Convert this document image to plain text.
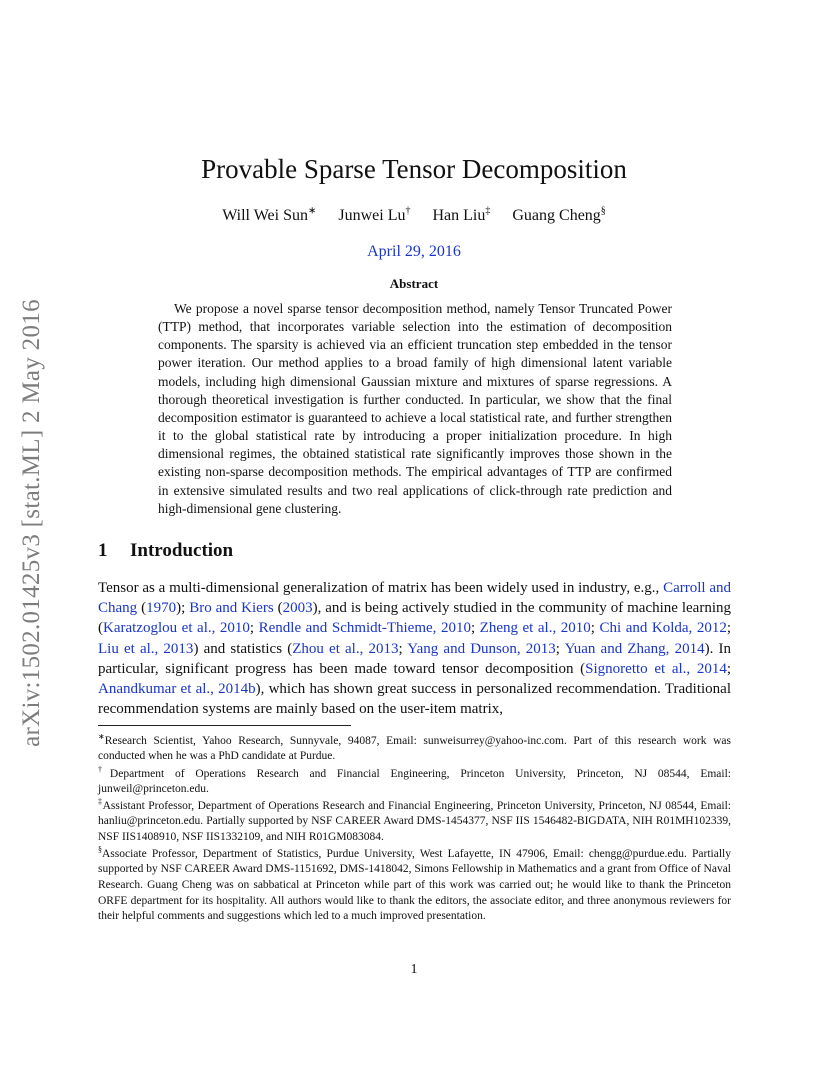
arXiv:1502.01425v3 [stat.ML] 2 May 2016
Provable Sparse Tensor Decomposition
Will Wei Sun∗ Junwei Lu† Han Liu‡ Guang Cheng§
April 29, 2016
Abstract
We propose a novel sparse tensor decomposition method, namely Tensor Truncated Power (TTP) method, that incorporates variable selection into the estimation of decomposition components. The sparsity is achieved via an efficient truncation step embedded in the tensor power iteration. Our method applies to a broad family of high dimensional latent variable models, including high dimensional Gaussian mixture and mixtures of sparse regressions. A thorough theoretical investigation is further conducted. In particular, we show that the final decomposition estimator is guaranteed to achieve a local statistical rate, and further strengthen it to the global statistical rate by introducing a proper initialization procedure. In high dimensional regimes, the obtained statistical rate significantly improves those shown in the existing non-sparse decomposition methods. The empirical advantages of TTP are confirmed in extensive simulated results and two real applications of click-through rate prediction and high-dimensional gene clustering.
1 Introduction
Tensor as a multi-dimensional generalization of matrix has been widely used in industry, e.g., Carroll and Chang (1970); Bro and Kiers (2003), and is being actively studied in the community of machine learning (Karatzoglou et al., 2010; Rendle and Schmidt-Thieme, 2010; Zheng et al., 2010; Chi and Kolda, 2012; Liu et al., 2013) and statistics (Zhou et al., 2013; Yang and Dunson, 2013; Yuan and Zhang, 2014). In particular, significant progress has been made toward tensor decomposition (Signoretto et al., 2014; Anandkumar et al., 2014b), which has shown great success in personalized recommendation. Traditional recommendation systems are mainly based on the user-item matrix,
∗Research Scientist, Yahoo Research, Sunnyvale, 94087, Email: sunweisurrey@yahoo-inc.com. Part of this research work was conducted when he was a PhD candidate at Purdue.
†Department of Operations Research and Financial Engineering, Princeton University, Princeton, NJ 08544, Email: junweil@princeton.edu.
‡Assistant Professor, Department of Operations Research and Financial Engineering, Princeton University, Princeton, NJ 08544, Email: hanliu@princeton.edu. Partially supported by NSF CAREER Award DMS-1454377, NSF IIS 1546482-BIGDATA, NIH R01MH102339, NSF IIS1408910, NSF IIS1332109, and NIH R01GM083084.
§Associate Professor, Department of Statistics, Purdue University, West Lafayette, IN 47906, Email: chengg@purdue.edu. Partially supported by NSF CAREER Award DMS-1151692, DMS-1418042, Simons Fellowship in Mathematics and a grant from Office of Naval Research. Guang Cheng was on sabbatical at Princeton while part of this work was carried out; he would like to thank the Princeton ORFE department for its hospitality. All authors would like to thank the editors, the associate editor, and three anonymous reviewers for their helpful comments and suggestions which led to a much improved presentation.
1
